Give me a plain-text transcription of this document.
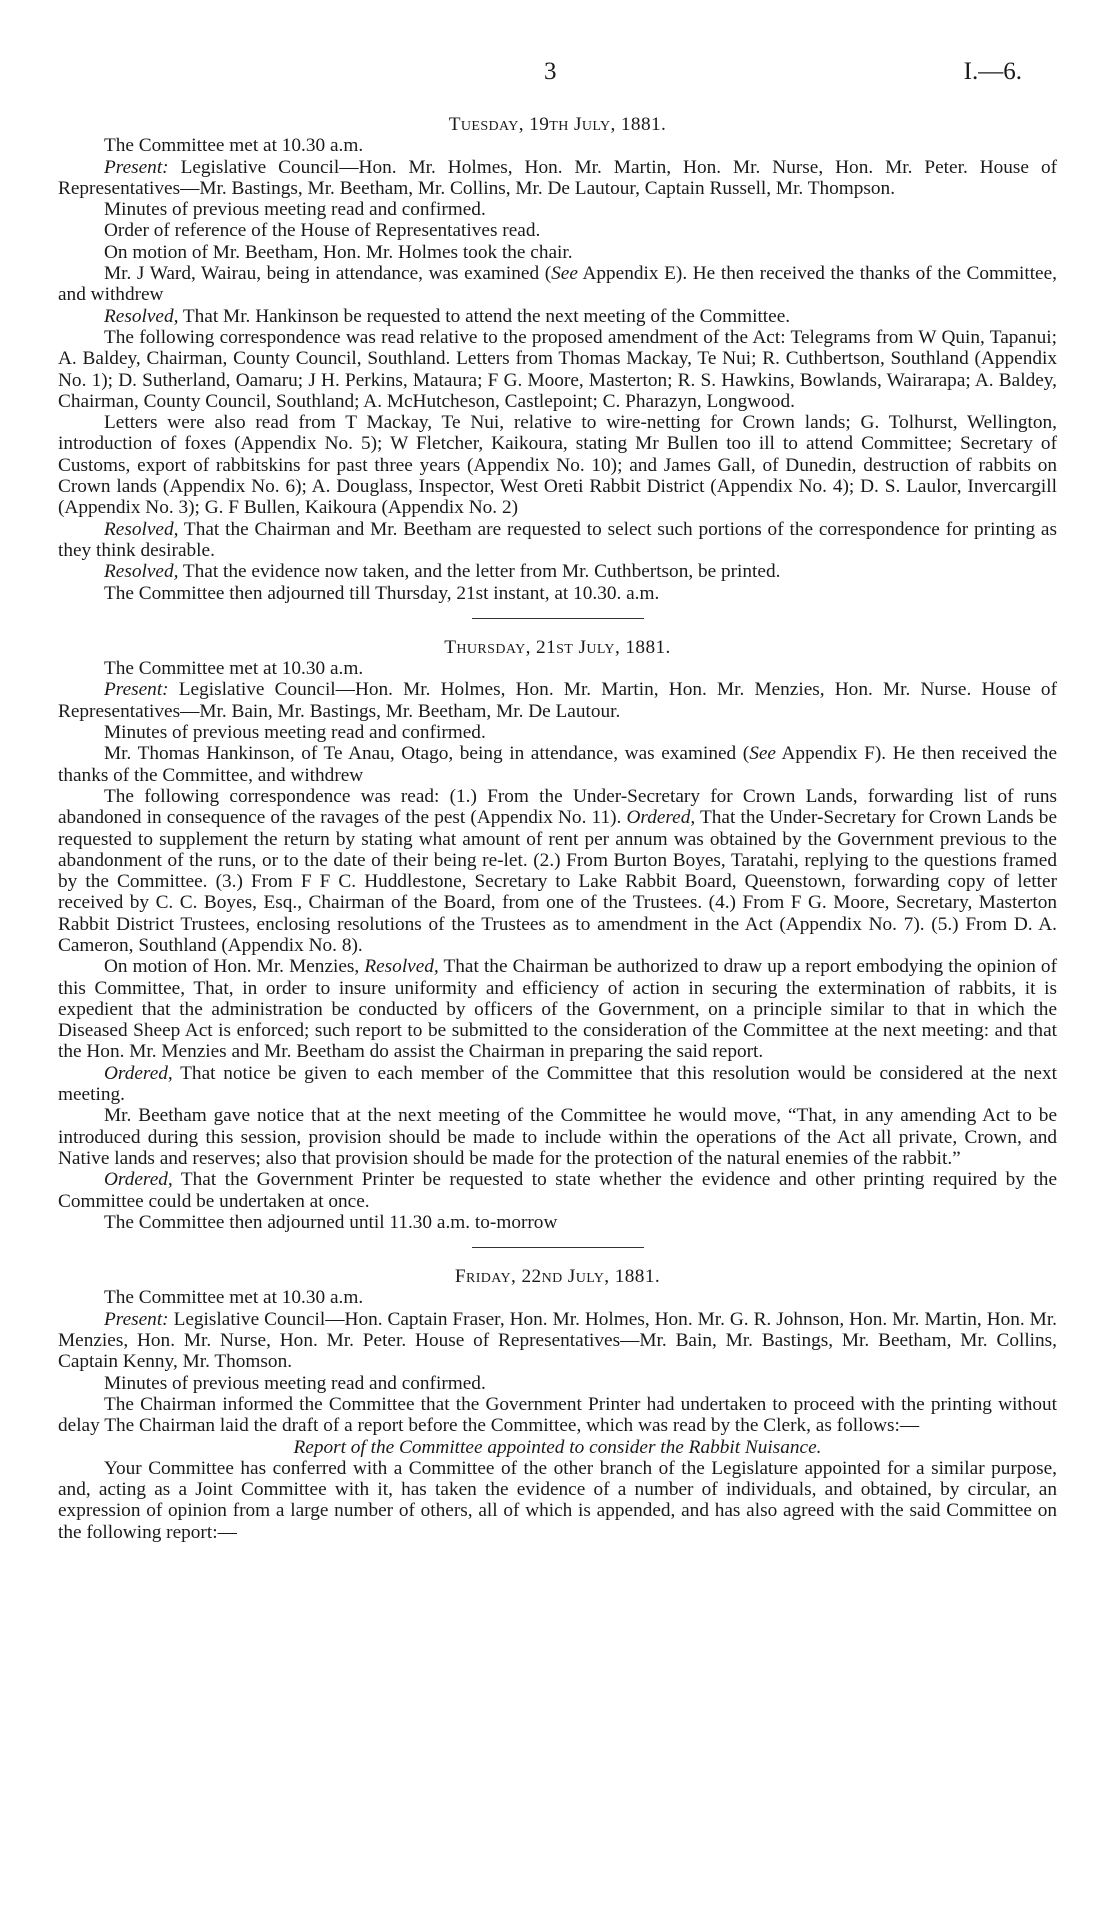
3	I.—6.

Tuesday, 19th July, 1881.

The Committee met at 10.30 a.m.

Present: Legislative Council—Hon. Mr. Holmes, Hon. Mr. Martin, Hon. Mr. Nurse, Hon. Mr. Peter. House of Representatives—Mr. Bastings, Mr. Beetham, Mr. Collins, Mr. De Lautour, Captain Russell, Mr. Thompson.

Minutes of previous meeting read and confirmed.

Order of reference of the House of Representatives read.

On motion of Mr. Beetham, Hon. Mr. Holmes took the chair.

Mr. J Ward, Wairau, being in attendance, was examined (See Appendix E). He then received the thanks of the Committee, and withdrew

Resolved, That Mr. Hankinson be requested to attend the next meeting of the Committee.

The following correspondence was read relative to the proposed amendment of the Act: Telegrams from W Quin, Tapanui; A. Baldey, Chairman, County Council, Southland. Letters from Thomas Mackay, Te Nui; R. Cuthbertson, Southland (Appendix No. 1); D. Sutherland, Oamaru; J H. Perkins, Mataura; F G. Moore, Masterton; R. S. Hawkins, Bowlands, Wairarapa; A. Baldey, Chairman, County Council, Southland; A. McHutcheson, Castlepoint; C. Pharazyn, Longwood.

Letters were also read from T Mackay, Te Nui, relative to wire-netting for Crown lands; G. Tolhurst, Wellington, introduction of foxes (Appendix No. 5); W Fletcher, Kaikoura, stating Mr Bullen too ill to attend Committee; Secretary of Customs, export of rabbitskins for past three years (Appendix No. 10); and James Gall, of Dunedin, destruction of rabbits on Crown lands (Appendix No. 6); A. Douglass, Inspector, West Oreti Rabbit District (Appendix No. 4); D. S. Laulor, Invercargill (Appendix No. 3); G. F Bullen, Kaikoura (Appendix No. 2)

Resolved, That the Chairman and Mr. Beetham are requested to select such portions of the correspondence for printing as they think desirable.

Resolved, That the evidence now taken, and the letter from Mr. Cuthbertson, be printed.

The Committee then adjourned till Thursday, 21st instant, at 10.30. a.m.

Thursday, 21st July, 1881.

The Committee met at 10.30 a.m.

Present: Legislative Council—Hon. Mr. Holmes, Hon. Mr. Martin, Hon. Mr. Menzies, Hon. Mr. Nurse. House of Representatives—Mr. Bain, Mr. Bastings, Mr. Beetham, Mr. De Lautour.

Minutes of previous meeting read and confirmed.

Mr. Thomas Hankinson, of Te Anau, Otago, being in attendance, was examined (See Appendix F). He then received the thanks of the Committee, and withdrew

The following correspondence was read: (1.) From the Under-Secretary for Crown Lands, forwarding list of runs abandoned in consequence of the ravages of the pest (Appendix No. 11). Ordered, That the Under-Secretary for Crown Lands be requested to supplement the return by stating what amount of rent per annum was obtained by the Government previous to the abandonment of the runs, or to the date of their being re-let. (2.) From Burton Boyes, Taratahi, replying to the questions framed by the Committee. (3.) From F F C. Huddlestone, Secretary to Lake Rabbit Board, Queenstown, forwarding copy of letter received by C. C. Boyes, Esq., Chairman of the Board, from one of the Trustees. (4.) From F G. Moore, Secretary, Masterton Rabbit District Trustees, enclosing resolutions of the Trustees as to amendment in the Act (Appendix No. 7). (5.) From D. A. Cameron, Southland (Appendix No. 8).

On motion of Hon. Mr. Menzies, Resolved, That the Chairman be authorized to draw up a report embodying the opinion of this Committee, That, in order to insure uniformity and efficiency of action in securing the extermination of rabbits, it is expedient that the administration be conducted by officers of the Government, on a principle similar to that in which the Diseased Sheep Act is enforced; such report to be submitted to the consideration of the Committee at the next meeting: and that the Hon. Mr. Menzies and Mr. Beetham do assist the Chairman in preparing the said report.

Ordered, That notice be given to each member of the Committee that this resolution would be considered at the next meeting.

Mr. Beetham gave notice that at the next meeting of the Committee he would move, “That, in any amending Act to be introduced during this session, provision should be made to include within the operations of the Act all private, Crown, and Native lands and reserves; also that provision should be made for the protection of the natural enemies of the rabbit.”

Ordered, That the Government Printer be requested to state whether the evidence and other printing required by the Committee could be undertaken at once.

The Committee then adjourned until 11.30 a.m. to-morrow

Friday, 22nd July, 1881.

The Committee met at 10.30 a.m.

Present: Legislative Council—Hon. Captain Fraser, Hon. Mr. Holmes, Hon. Mr. G. R. Johnson, Hon. Mr. Martin, Hon. Mr. Menzies, Hon. Mr. Nurse, Hon. Mr. Peter. House of Representatives—Mr. Bain, Mr. Bastings, Mr. Beetham, Mr. Collins, Captain Kenny, Mr. Thomson.

Minutes of previous meeting read and confirmed.

The Chairman informed the Committee that the Government Printer had undertaken to proceed with the printing without delay The Chairman laid the draft of a report before the Committee, which was read by the Clerk, as follows:—

Report of the Committee appointed to consider the Rabbit Nuisance.

Your Committee has conferred with a Committee of the other branch of the Legislature appointed for a similar purpose, and, acting as a Joint Committee with it, has taken the evidence of a number of individuals, and obtained, by circular, an expression of opinion from a large number of others, all of which is appended, and has also agreed with the said Committee on the following report:—
